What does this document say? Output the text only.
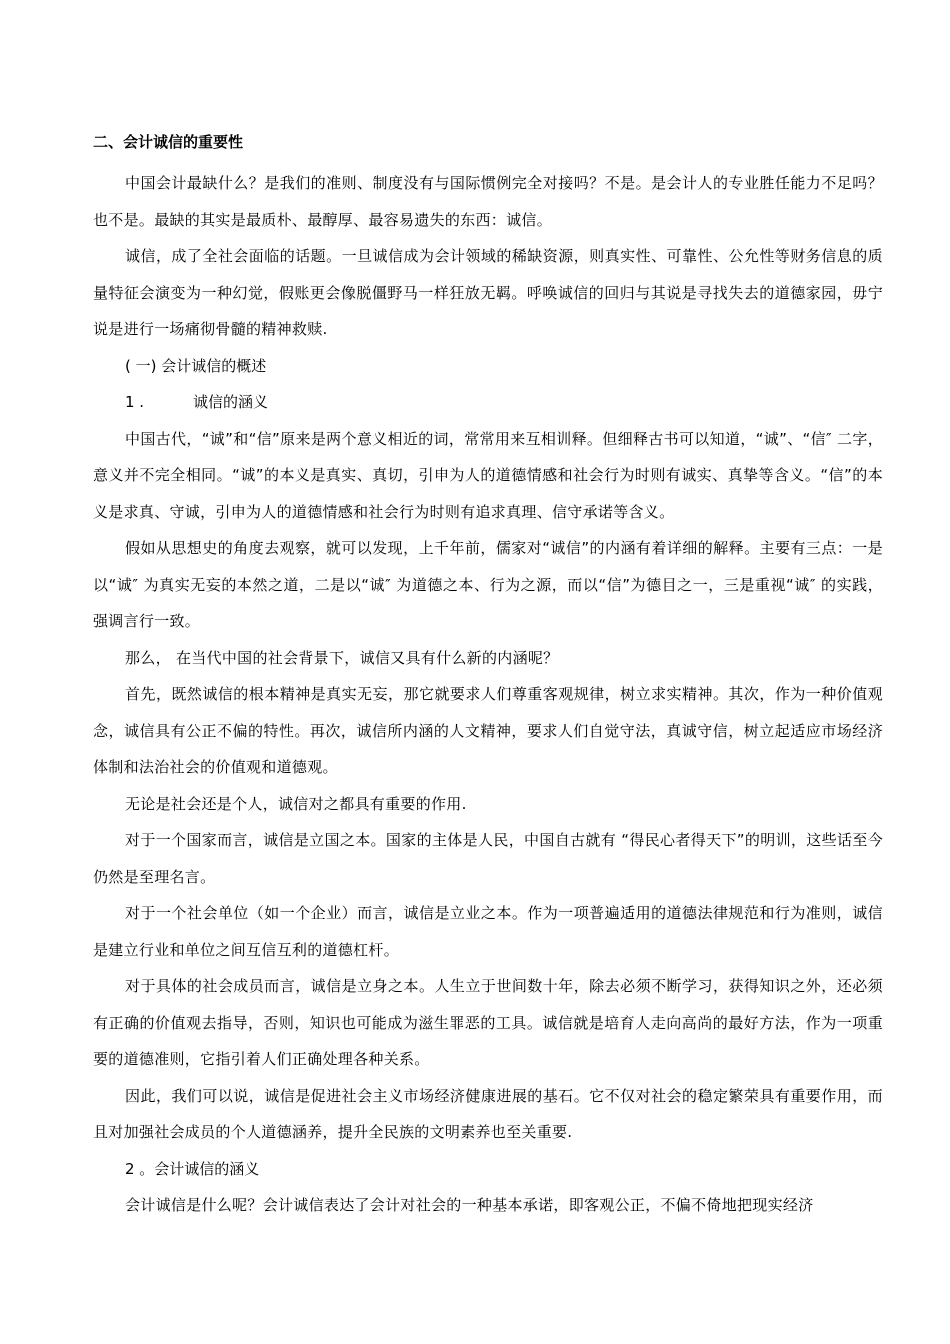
二、会计诚信的重要性

中国会计最缺什么？是我们的准则、制度没有与国际惯例完全对接吗？不是。是会计人的专业胜任能力不足吗？也不是。最缺的其实是最质朴、最醇厚、最容易遗失的东西：诚信。

诚信，成了全社会面临的话题。一旦诚信成为会计领域的稀缺资源，则真实性、可靠性、公允性等财务信息的质量特征会演变为一种幻觉，假账更会像脱僵野马一样狂放无羁。呼唤诚信的回归与其说是寻找失去的道德家园，毋宁说是进行一场痛彻骨髓的精神救赎.

( 一) 会计诚信的概述

1 .	诚信的涵义

中国古代，“诚”和“信”原来是两个意义相近的词，常常用来互相训释。但细释古书可以知道，“诚”、“信″ 二字，意义并不完全相同。“诚”的本义是真实、真切，引申为人的道德情感和社会行为时则有诚实、真挚等含义。“信”的本义是求真、守诚，引申为人的道德情感和社会行为时则有追求真理、信守承诺等含义。

假如从思想史的角度去观察，就可以发现，上千年前，儒家对“诚信”的内涵有着详细的解释。主要有三点：一是以“诚″ 为真实无妄的本然之道，二是以“诚″ 为道德之本、行为之源，而以“信”为德目之一，三是重视“诚″ 的实践，强调言行一致。

那么， 在当代中国的社会背景下，诚信又具有什么新的内涵呢？

首先，既然诚信的根本精神是真实无妄，那它就要求人们尊重客观规律，树立求实精神。其次，作为一种价值观念，诚信具有公正不偏的特性。再次，诚信所内涵的人文精神，要求人们自觉守法，真诚守信，树立起适应市场经济体制和法治社会的价值观和道德观。

无论是社会还是个人，诚信对之都具有重要的作用.

对于一个国家而言，诚信是立国之本。国家的主体是人民，中国自古就有 “得民心者得天下”的明训，这些话至今仍然是至理名言。

对于一个社会单位（如一个企业）而言，诚信是立业之本。作为一项普遍适用的道德法律规范和行为准则，诚信是建立行业和单位之间互信互利的道德杠杆。

对于具体的社会成员而言，诚信是立身之本。人生立于世间数十年，除去必须不断学习，获得知识之外，还必须有正确的价值观去指导，否则，知识也可能成为滋生罪恶的工具。诚信就是培育人走向高尚的最好方法，作为一项重要的道德准则，它指引着人们正确处理各种关系。

因此，我们可以说，诚信是促进社会主义市场经济健康进展的基石。它不仅对社会的稳定繁荣具有重要作用，而且对加强社会成员的个人道德涵养，提升全民族的文明素养也至关重要.

2 。会计诚信的涵义

会计诚信是什么呢？会计诚信表达了会计对社会的一种基本承诺，即客观公正，不偏不倚地把现实经济
